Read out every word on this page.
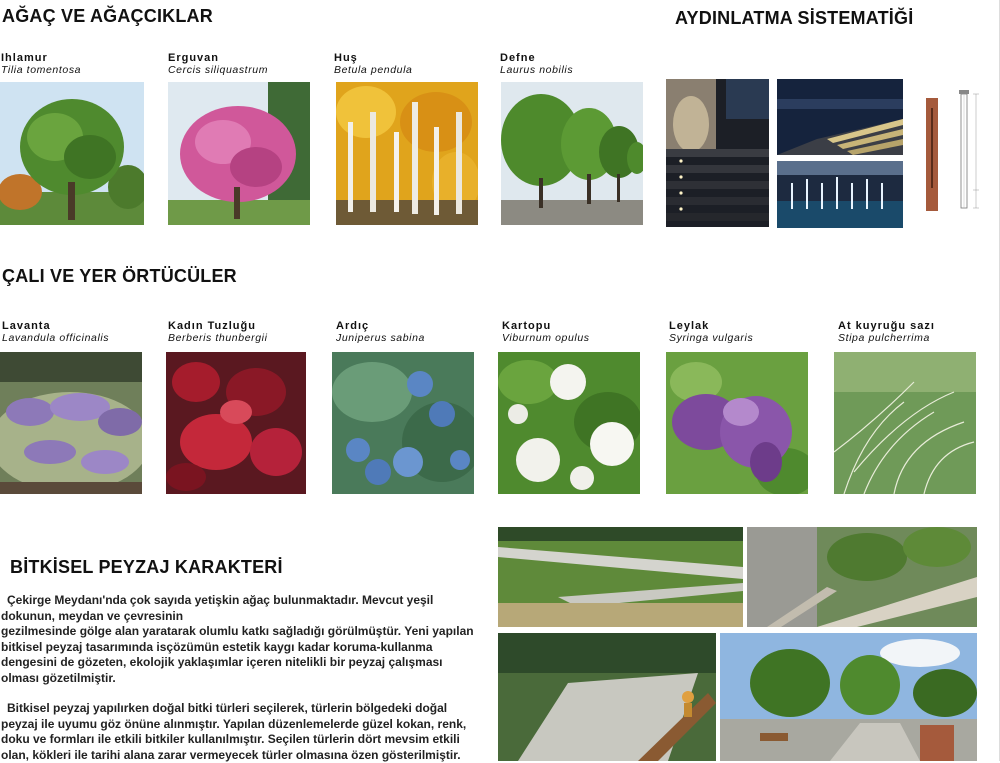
AĞAÇ VE AĞAÇCIKLAR	AYDINLATMA SİSTEMATİĞİ
ÇALI VE YER ÖRTÜCÜLER
BİTKİSEL PEYZAJ KARAKTERİ
Ihlamur
Tilia tomentosa
Erguvan
Cercis siliquastrum
Huş
Betula pendula
Defne
Laurus nobilis
Lavanta
Lavandula officinalis
Kadın Tuzluğu
Berberis thunbergii
Ardıç
Juniperus sabina
Kartopu
Viburnum opulus
Leylak
Syringa vulgaris
At kuyruğu sazı
Stipa pulcherrima

Çekirge Meydanı'nda çok sayıda yetişkin ağaç bulunmaktadır. Mevcut yeşil

dokunun, meydan ve çevresinin

gezilmesinde gölge alan yaratarak olumlu katkı sağladığı görülmüştür. Yeni yapılan

bitkisel peyzaj tasarımında isçözümün estetik kaygı kadar koruma-kullanma

dengesini de gözeten, ekolojik yaklaşımlar içeren nitelikli bir peyzaj çalışması

olması gözetilmiştir.

Bitkisel peyzaj yapılırken doğal bitki türleri seçilerek, türlerin bölgedeki doğal

peyzaj ile uyumu göz önüne alınmıştır. Yapılan düzenlemelerde güzel kokan, renk,

doku ve formları ile etkili bitkiler kullanılmıştır. Seçilen türlerin dört mevsim etkili

olan, kökleri ile tarihi alana zarar vermeyecek türler olmasına özen gösterilmiştir.
